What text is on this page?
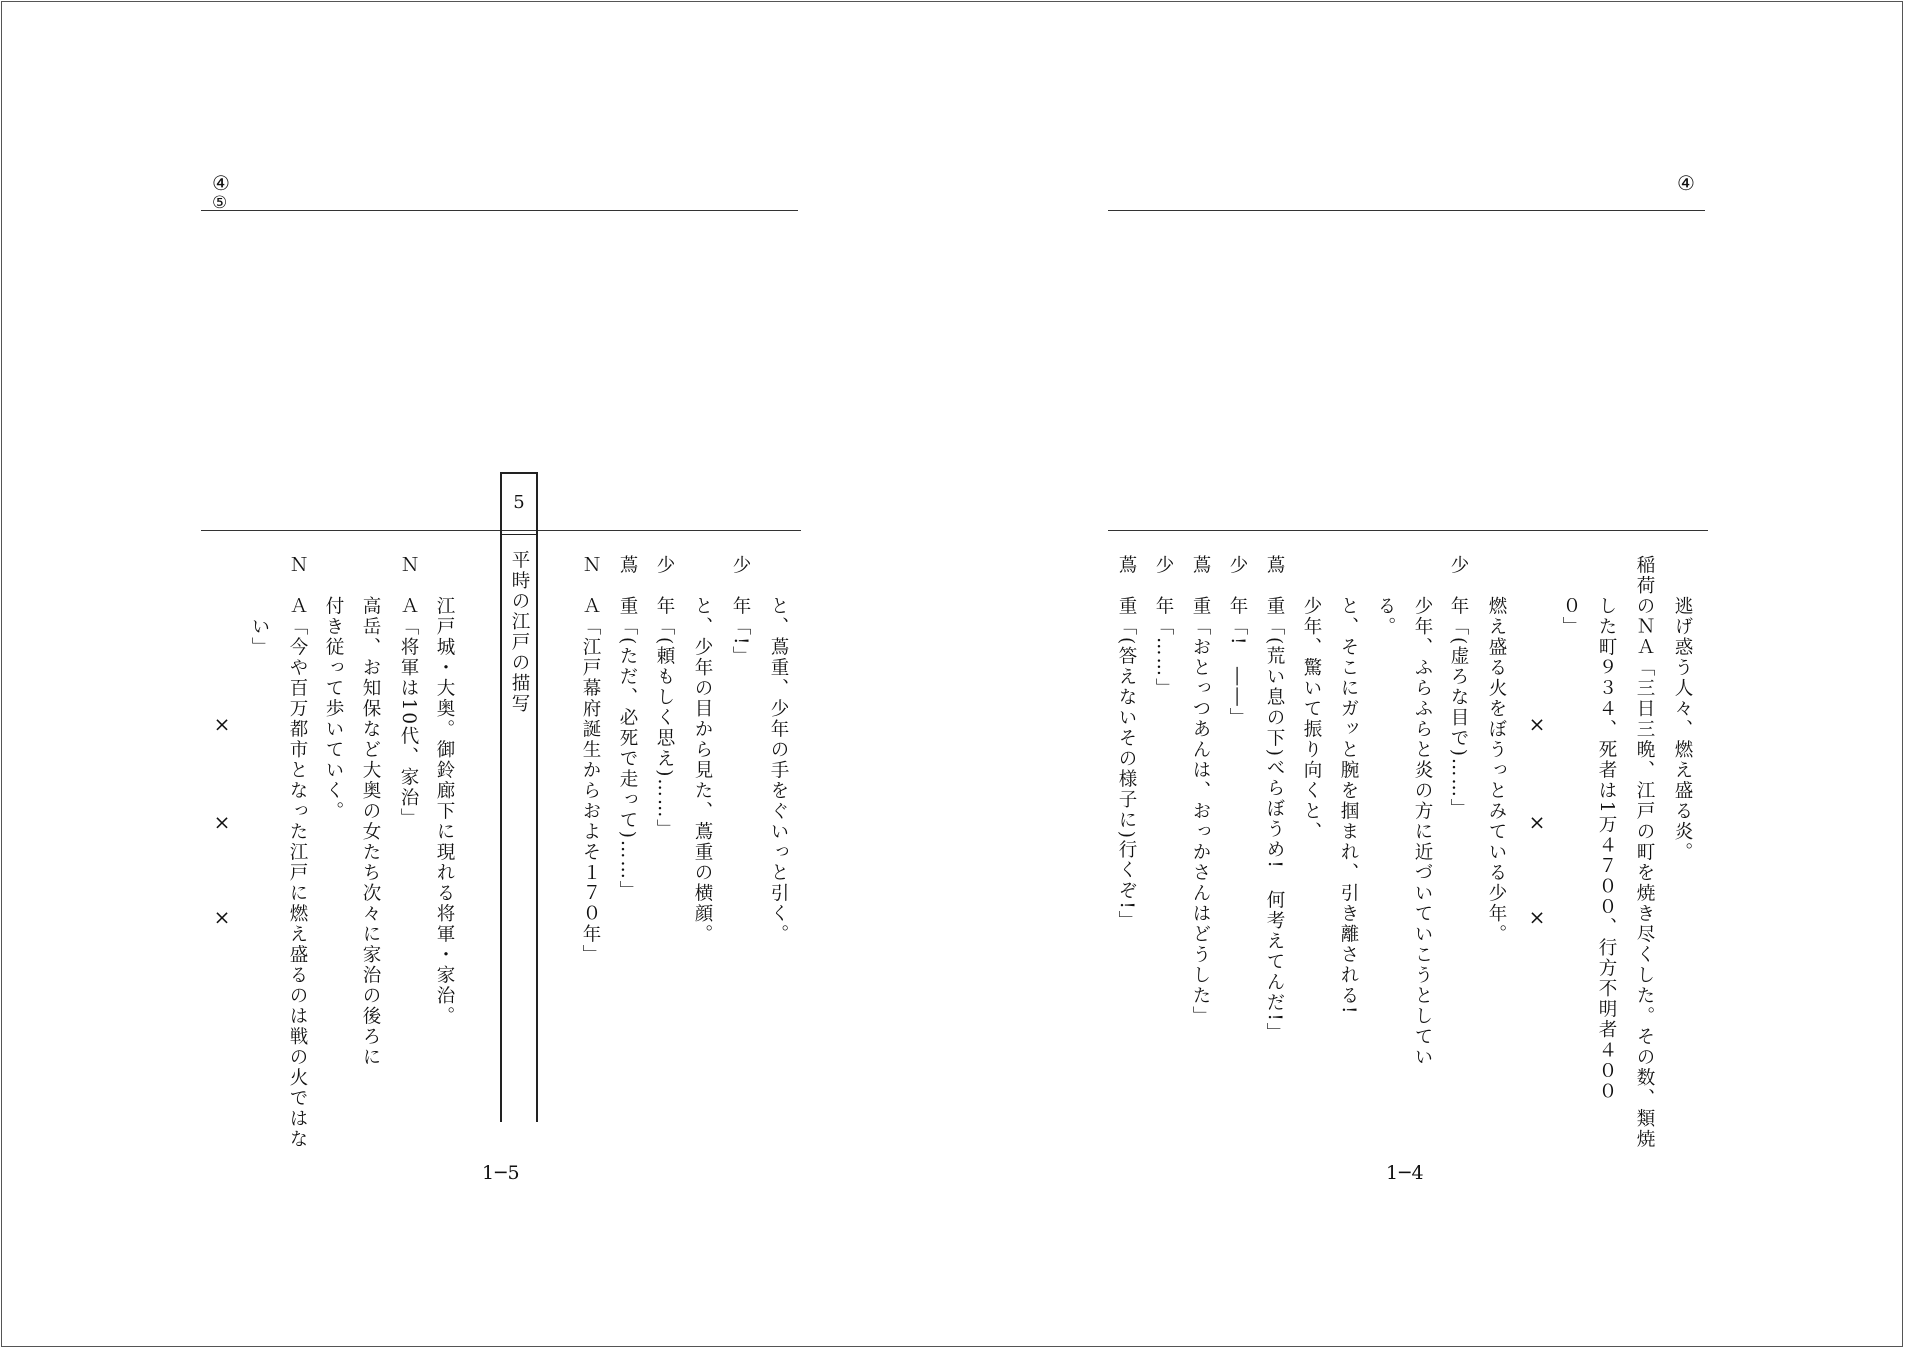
④
⑤
　　と、蔦重、少年の手をぐいっと引く。
少　年「!」
　　と、少年の目から見た、蔦重の横顔。
少　年「(頼もしく思え)……」
蔦　重「(ただ、必死で走って)……」
Ｎ　Ａ「江戸幕府誕生からおよそ１７０年」
5
平時の江戸の描写
　　江戸城・大奥。御鈴廊下に現れる将軍・家治。
Ｎ　Ａ「将軍は10代、家治」
　　高岳、お知保など大奥の女たち次々に家治の後ろに
　　付き従って歩いていく。
Ｎ　Ａ「今や百万都市となった江戸に燃え盛るのは戦の火ではな
　　　い」
×
×
×
1─5
④
　　逃げ惑う人々、燃え盛る炎。
稲荷のＮＡ「三日三晩、江戸の町を焼き尽くした。その数、類焼
　　した町９３４、死者は1万４７００、行方不明者４００
　　０」
　　燃え盛る火をぼうっとみている少年。
少　年「(虚ろな目で)……」
　　少年、ふらふらと炎の方に近づいていこうとしてい
　　る。
　　と、そこにガッと腕を掴まれ、引き離される!
　　少年、驚いて振り向くと、
蔦　重「(荒い息の下)べらぼうめ!　何考えてんだ!」
少　年「!　――」
蔦　重「おとっつあんは、おっかさんはどうした」
少　年「……」
蔦　重「(答えないその様子に)行くぞ!」	×
×
×
1─4
